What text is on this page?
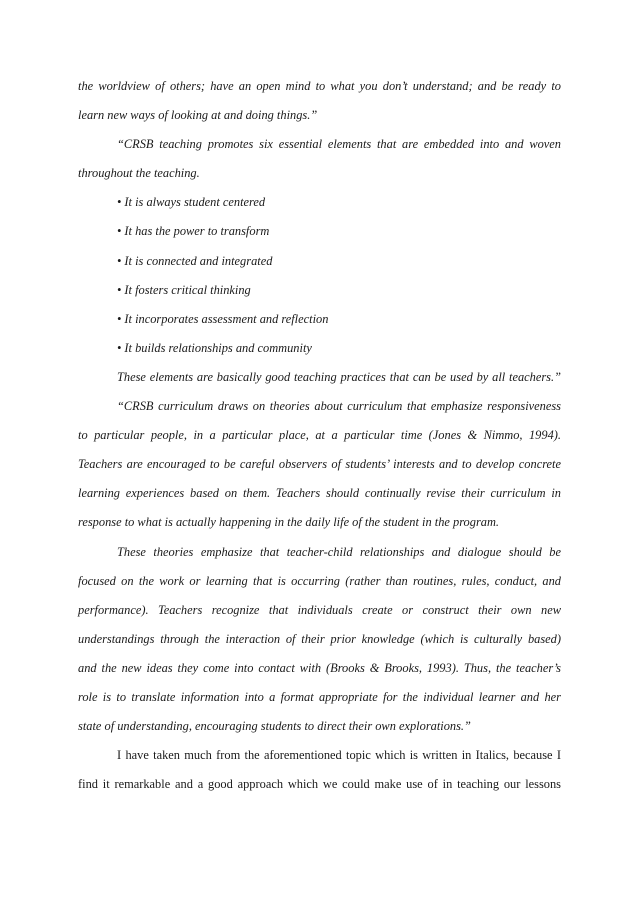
the worldview of others; have an open mind to what you don’t understand; and be ready to
learn new ways of looking at and doing things.”
“CRSB teaching promotes six essential elements that are embedded into and woven
throughout the teaching.
• It is always student centered
• It has the power to transform
• It is connected and integrated
• It fosters critical thinking
• It incorporates assessment and reflection
• It builds relationships and community
These elements are basically good teaching practices that can be used by all teachers.”
“CRSB curriculum draws on theories about curriculum that emphasize responsiveness
to particular people, in a particular place, at a particular time (Jones & Nimmo, 1994).
Teachers are encouraged to be careful observers of students’ interests and to develop concrete
learning experiences based on them. Teachers should continually revise their curriculum in
response to what is actually happening in the daily life of the student in the program.
These theories emphasize that teacher-child relationships and dialogue should be
focused on the work or learning that is occurring (rather than routines, rules, conduct, and
performance). Teachers recognize that individuals create or construct their own new
understandings through the interaction of their prior knowledge (which is culturally based)
and the new ideas they come into contact with (Brooks & Brooks, 1993). Thus, the teacher’s
role is to translate information into a format appropriate for the individual learner and her
state of understanding, encouraging students to direct their own explorations.”
I have taken much from the aforementioned topic which is written in Italics, because I
find it remarkable and a good approach which we could make use of in teaching our lessons
